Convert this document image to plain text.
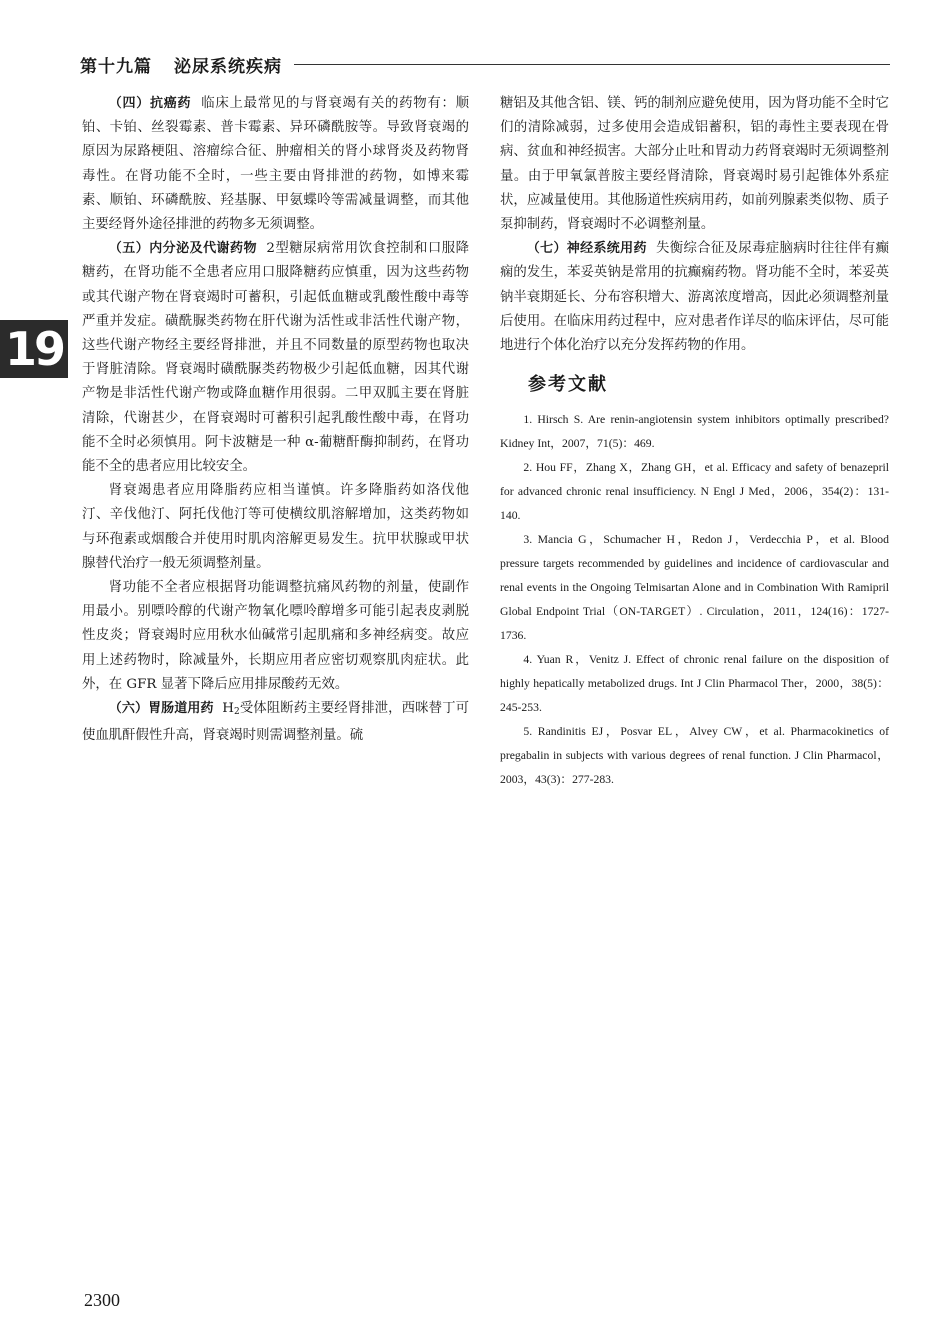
第十九篇 泌尿系统疾病
19

（四）抗癌药 临床上最常见的与肾衰竭有关的药物有：顺铂、卡铂、丝裂霉素、普卡霉素、异环磷酰胺等。导致肾衰竭的原因为尿路梗阻、溶瘤综合征、肿瘤相关的肾小球肾炎及药物肾毒性。在肾功能不全时，一些主要由肾排泄的药物，如博来霉素、顺铂、环磷酰胺、羟基脲、甲氨蝶呤等需减量调整，而其他主要经肾外途径排泄的药物多无须调整。

（五）内分泌及代谢药物 2型糖尿病常用饮食控制和口服降糖药，在肾功能不全患者应用口服降糖药应慎重，因为这些药物或其代谢产物在肾衰竭时可蓄积，引起低血糖或乳酸性酸中毒等严重并发症。磺酰脲类药物在肝代谢为活性或非活性代谢产物，这些代谢产物经主要经肾排泄，并且不同数量的原型药物也取决于肾脏清除。肾衰竭时磺酰脲类药物极少引起低血糖，因其代谢产物是非活性代谢产物或降血糖作用很弱。二甲双胍主要在肾脏清除，代谢甚少，在肾衰竭时可蓄积引起乳酸性酸中毒，在肾功能不全时必须慎用。阿卡波糖是一种 α-葡糖酐酶抑制药，在肾功能不全的患者应用比较安全。

肾衰竭患者应用降脂药应相当谨慎。许多降脂药如洛伐他汀、辛伐他汀、阿托伐他汀等可使横纹肌溶解增加，这类药物如与环孢素或烟酸合并使用时肌肉溶解更易发生。抗甲状腺或甲状腺替代治疗一般无须调整剂量。

肾功能不全者应根据肾功能调整抗痛风药物的剂量，使副作用最小。别嘌呤醇的代谢产物氧化嘌呤醇增多可能引起表皮剥脱性皮炎；肾衰竭时应用秋水仙碱常引起肌痛和多神经病变。故应用上述药物时，除减量外，长期应用者应密切观察肌肉症状。此外，在 GFR 显著下降后应用排尿酸药无效。

（六）胃肠道用药 $H_2$受体阻断药主要经肾排泄，西咪替丁可使血肌酐假性升高，肾衰竭时则需调整剂量。硫

糖铝及其他含铝、镁、钙的制剂应避免使用，因为肾功能不全时它们的清除减弱，过多使用会造成铝蓄积，铝的毒性主要表现在骨病、贫血和神经损害。大部分止吐和胃动力药肾衰竭时无须调整剂量。由于甲氧氯普胺主要经肾清除，肾衰竭时易引起锥体外系症状，应减量使用。其他肠道性疾病用药，如前列腺素类似物、质子泵抑制药，肾衰竭时不必调整剂量。

（七）神经系统用药 失衡综合征及尿毒症脑病时往往伴有癫痫的发生，苯妥英钠是常用的抗癫痫药物。肾功能不全时，苯妥英钠半衰期延长、分布容积增大、游离浓度增高，因此必须调整剂量后使用。在临床用药过程中，应对患者作详尽的临床评估，尽可能地进行个体化治疗以充分发挥药物的作用。

参考文献

1. Hirsch S. Are renin-angiotensin system inhibitors optimally prescribed? Kidney Int，2007，71(5)：469.

2. Hou FF，Zhang X，Zhang GH，et al. Efficacy and safety of benazepril for advanced chronic renal insufficiency. N Engl J Med，2006，354(2)：131-140.

3. Mancia G，Schumacher H，Redon J，Verdecchia P，et al. Blood pressure targets recommended by guidelines and incidence of cardiovascular and renal events in the Ongoing Telmisartan Alone and in Combination With Ramipril Global Endpoint Trial（ON-TARGET）. Circulation，2011，124(16)：1727-1736.

4. Yuan R，Venitz J. Effect of chronic renal failure on the disposition of highly hepatically metabolized drugs. Int J Clin Pharmacol Ther，2000，38(5)：245-253.

5. Randinitis EJ，Posvar EL，Alvey CW，et al. Pharmacokinetics of pregabalin in subjects with various degrees of renal function. J Clin Pharmacol，2003，43(3)：277-283.

2300
